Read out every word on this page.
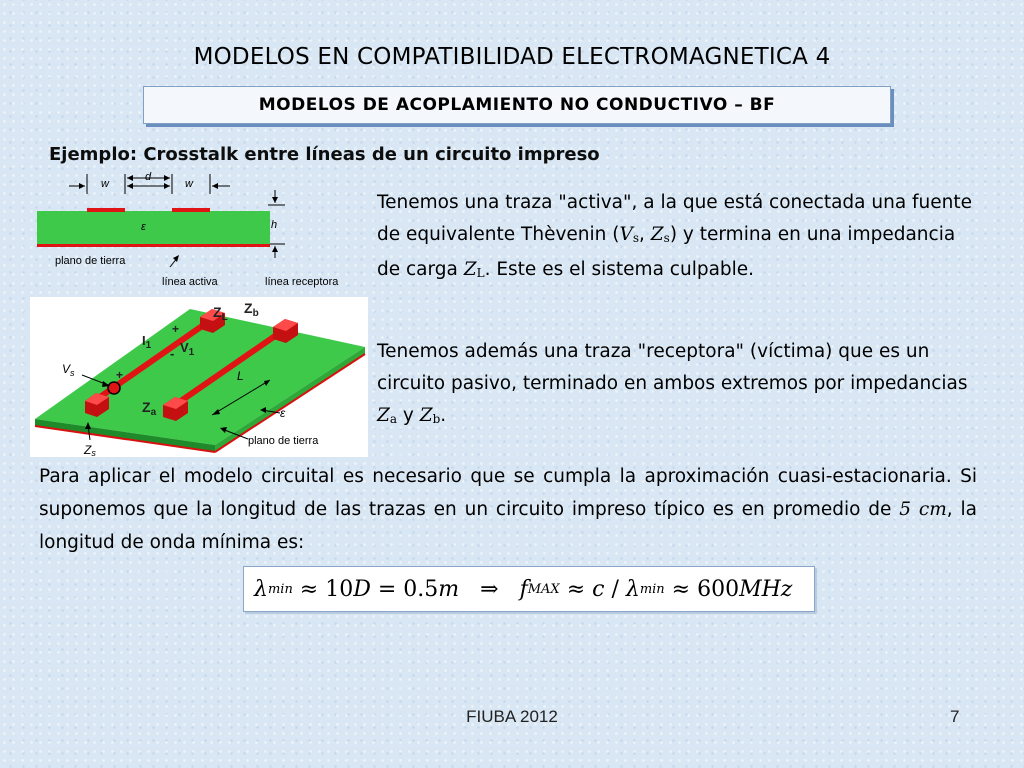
MODELOS EN COMPATIBILIDAD ELECTROMAGNETICA 4
MODELOS DE ACOPLAMIENTO NO CONDUCTIVO – BF
Ejemplo: Crosstalk entre líneas de un circuito impreso
w
d
w
ε	h
plano de tierra
línea activa	línea receptora
$Z_L$
$Z_b$
$I_1$
+
$V_1$
-
+
$V_s$
$Z_a$
L
ε
plano de tierra
Zs
Tenemos una traza "activa", a la que está conectada una fuente de equivalente Thèvenin (Vs, Zs) y termina en una impedancia de carga ZL. Este es el sistema culpable.
Tenemos además una traza "receptora" (víctima) que es un circuito pasivo, terminado en ambos extremos por impedancias Za y Zb.
Para aplicar el modelo circuital es necesario que se cumpla la aproximación cuasi-estacionaria. Si suponemos que la longitud de las trazas en un circuito impreso típico es en promedio de 5 cm, la longitud de onda mínima es:
λ min ≈ 10 D = 0.5 m ⇒ f MAX ≈ c / λ min ≈ 600 MHz
FIUBA 2012	7
